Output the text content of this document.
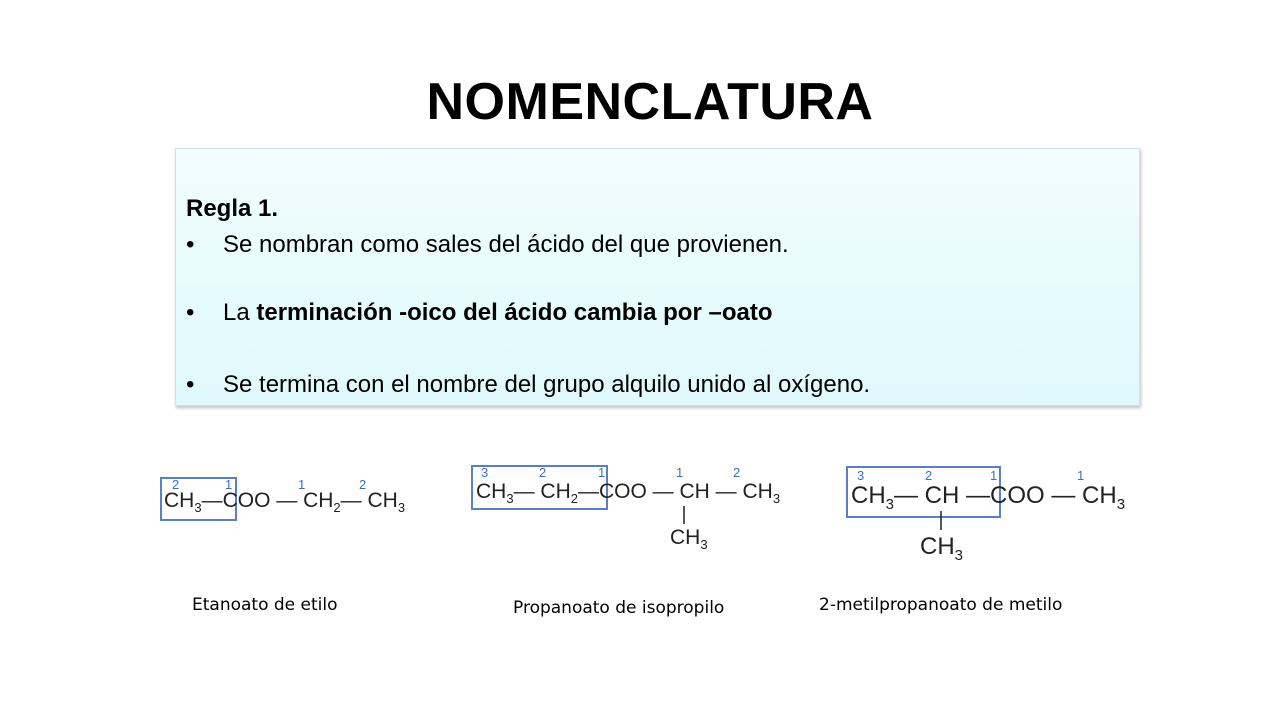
NOMENCLATURA
Regla 1.
• Se nombran como sales del ácido del que provienen.
• La terminación -oico del ácido cambia por –oato
• Se termina con el nombre del grupo alquilo unido al oxígeno.
2	1	1	2
$CH_3—COO$ — $CH_2—$ $CH_3$
3	2	1	1	2
$CH_3—$ $CH_2—COO$ — CH — $CH_3$
$CH_3$
3	2	1	1
$CH_3—$ CH —COO — $CH_3$
$CH_3$
Etanoato de etilo	Propanoato de isopropilo	2-metilpropanoato de metilo
